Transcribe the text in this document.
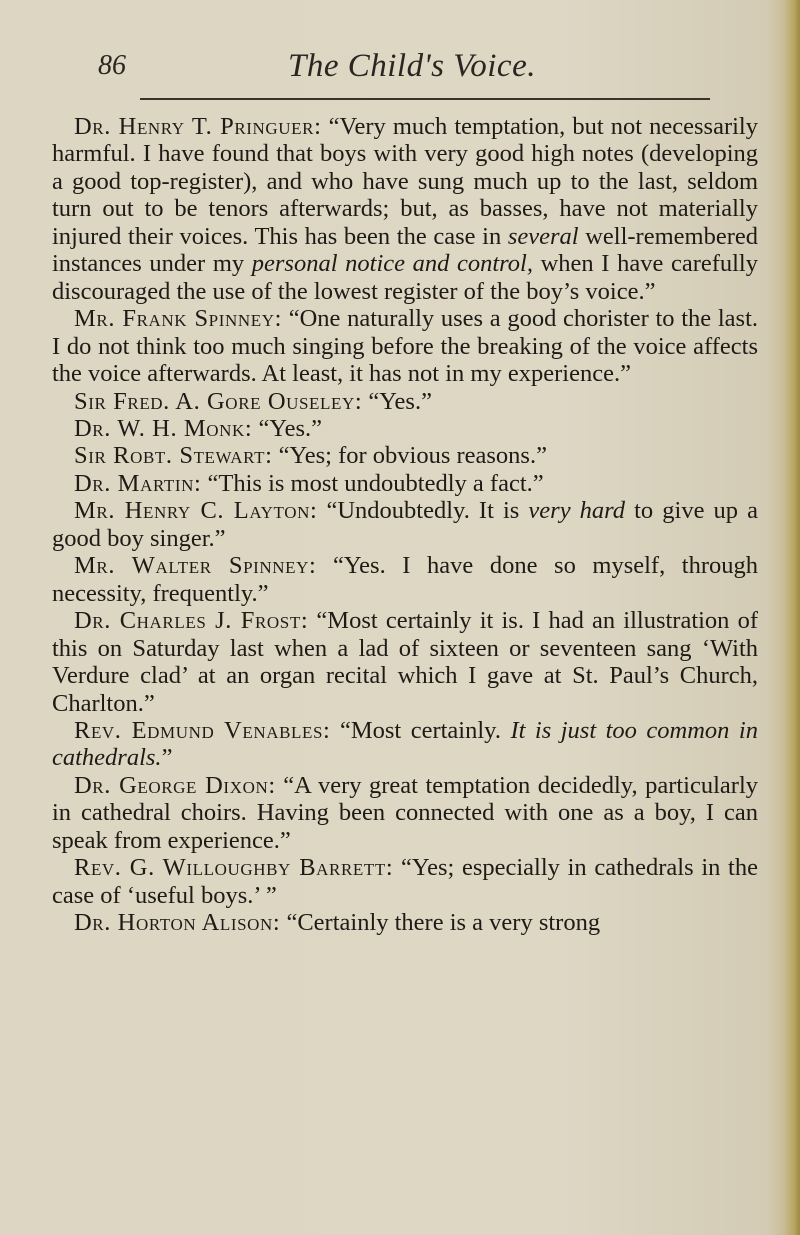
86	The Child's Voice.

Dr. Henry T. Pringuer: “Very much temptation, but not necessarily harmful. I have found that boys with very good high notes (developing a good top-register), and who have sung much up to the last, seldom turn out to be tenors afterwards; but, as basses, have not materially injured their voices. This has been the case in several well-remembered instances under my personal notice and control, when I have carefully discouraged the use of the lowest register of the boy’s voice.”

Mr. Frank Spinney: “One naturally uses a good chorister to the last. I do not think too much singing before the breaking of the voice affects the voice afterwards. At least, it has not in my experience.”

Sir Fred. A. Gore Ouseley: “Yes.”

Dr. W. H. Monk: “Yes.”

Sir Robt. Stewart: “Yes; for obvious reasons.”

Dr. Martin: “This is most undoubtedly a fact.”

Mr. Henry C. Layton: “Undoubtedly. It is very hard to give up a good boy singer.”

Mr. Walter Spinney: “Yes. I have done so myself, through necessity, frequently.”

Dr. Charles J. Frost: “Most certainly it is. I had an illustration of this on Saturday last when a lad of sixteen or seventeen sang ‘With Verdure clad’ at an organ recital which I gave at St. Paul’s Church, Charlton.”

Rev. Edmund Venables: “Most certainly. It is just too common in cathedrals.”

Dr. George Dixon: “A very great temptation decidedly, particularly in cathedral choirs. Having been connected with one as a boy, I can speak from experience.”

Rev. G. Willoughby Barrett: “Yes; especially in cathedrals in the case of ‘useful boys.’ ”

Dr. Horton Alison: “Certainly there is a very strong
